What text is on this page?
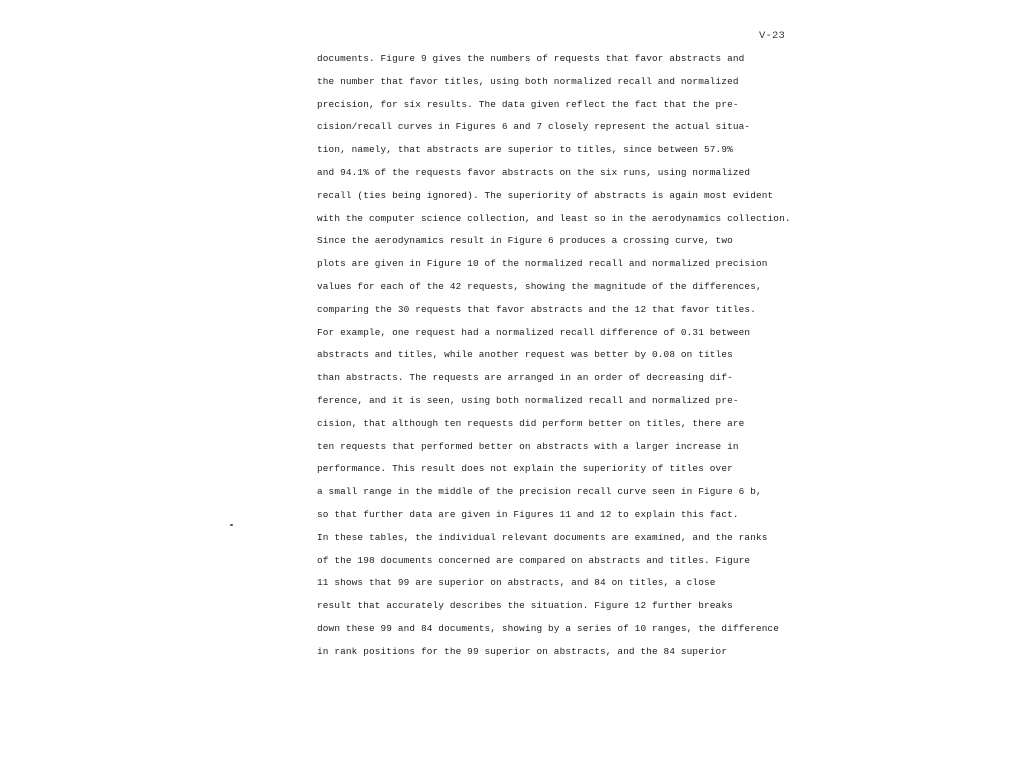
V-23
documents. Figure 9 gives the numbers of requests that favor abstracts and
the number that favor titles, using both normalized recall and normalized
precision, for six results. The data given reflect the fact that the pre-
cision/recall curves in Figures 6 and 7 closely represent the actual situa-
tion, namely, that abstracts are superior to titles, since between 57.9%
and 94.1% of the requests favor abstracts on the six runs, using normalized
recall (ties being ignored). The superiority of abstracts is again most evident
with the computer science collection, and least so in the aerodynamics collection.
Since the aerodynamics result in Figure 6 produces a crossing curve, two
plots are given in Figure 10 of the normalized recall and normalized precision
values for each of the 42 requests, showing the magnitude of the differences,
comparing the 30 requests that favor abstracts and the 12 that favor titles.
For example, one request had a normalized recall difference of 0.31 between
abstracts and titles, while another request was better by 0.08 on titles
than abstracts. The requests are arranged in an order of decreasing dif-
ference, and it is seen, using both normalized recall and normalized pre-
cision, that although ten requests did perform better on titles, there are
ten requests that performed better on abstracts with a larger increase in
performance. This result does not explain the superiority of titles over
a small range in the middle of the precision recall curve seen in Figure 6 b,
so that further data are given in Figures 11 and 12 to explain this fact.
In these tables, the individual relevant documents are examined, and the ranks
of the 198 documents concerned are compared on abstracts and titles. Figure
11 shows that 99 are superior on abstracts, and 84 on titles, a close
result that accurately describes the situation. Figure 12 further breaks
down these 99 and 84 documents, showing by a series of 10 ranges, the difference
in rank positions for the 99 superior on abstracts, and the 84 superior
